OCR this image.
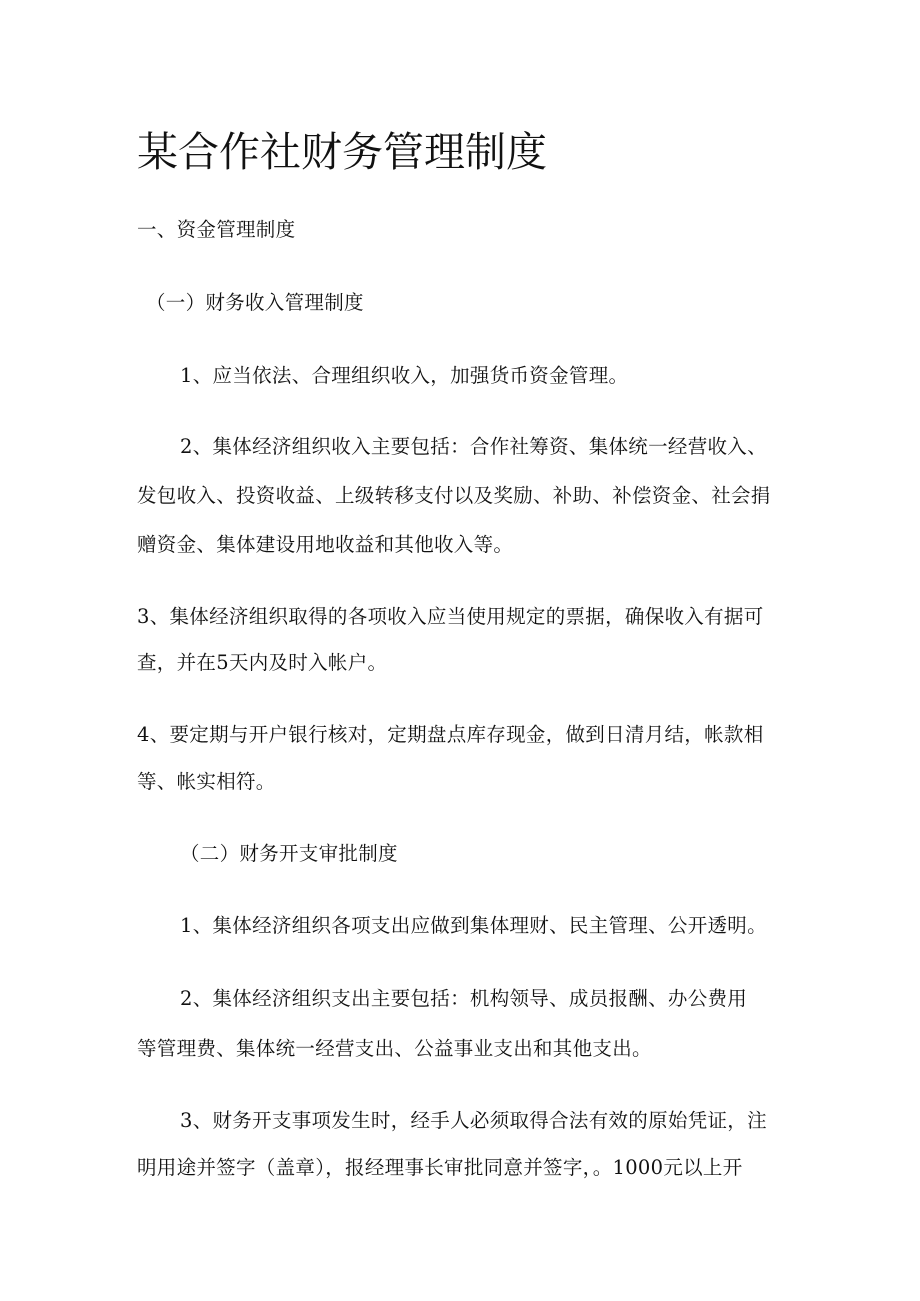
某合作社财务管理制度
一、资金管理制度
（一）财务收入管理制度
1、应当依法、合理组织收入，加强货币资金管理。
2、集体经济组织收入主要包括：合作社筹资、集体统一经营收入、
发包收入、投资收益、上级转移支付以及奖励、补助、补偿资金、社会捐
赠资金、集体建设用地收益和其他收入等。
3、集体经济组织取得的各项收入应当使用规定的票据，确保收入有据可
查，并在5天内及时入帐户。
4、要定期与开户银行核对，定期盘点库存现金，做到日清月结，帐款相
等、帐实相符。
（二）财务开支审批制度
1、集体经济组织各项支出应做到集体理财、民主管理、公开透明。
2、集体经济组织支出主要包括：机构领导、成员报酬、办公费用
等管理费、集体统一经营支出、公益事业支出和其他支出。
3、财务开支事项发生时，经手人必须取得合法有效的原始凭证，注
明用途并签字（盖章），报经理事长审批同意并签字，。1000元以上开
